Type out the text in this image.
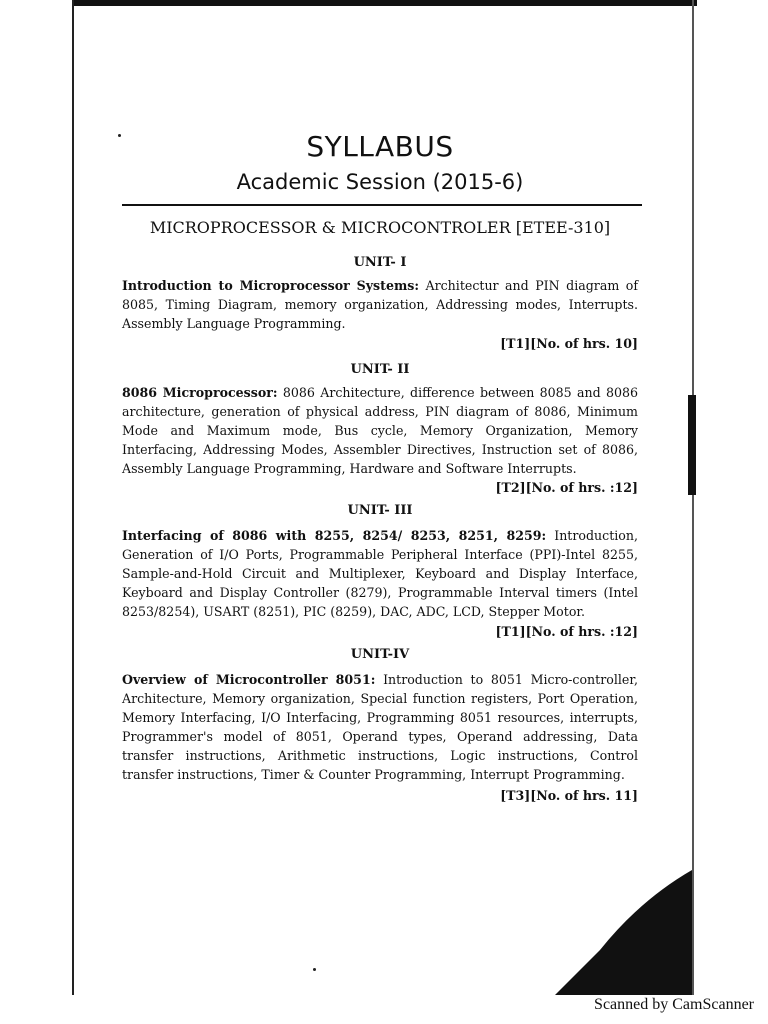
SYLLABUS
Academic Session (2015-6)
MICROPROCESSOR & MICROCONTROLER [ETEE-310]
UNIT- I
Introduction to Microprocessor Systems: Architectur and PIN diagram of 8085, Timing Diagram, memory organization, Addressing modes, Interrupts. Assembly Language Programming.
[T1][No. of hrs. 10]
UNIT- II
8086 Microprocessor: 8086 Architecture, difference between 8085 and 8086 architecture, generation of physical address, PIN diagram of 8086, Minimum Mode and Maximum mode, Bus cycle, Memory Organization, Memory Interfacing, Addressing Modes, Assembler Directives, Instruction set of 8086, Assembly Language Programming, Hardware and Software Interrupts.
[T2][No. of hrs. :12]
UNIT- III
Interfacing of 8086 with 8255, 8254/ 8253, 8251, 8259: Introduction, Generation of I/O Ports, Programmable Peripheral Interface (PPI)-Intel 8255, Sample-and-Hold Circuit and Multiplexer, Keyboard and Display Interface, Keyboard and Display Controller (8279), Programmable Interval timers (Intel 8253/8254), USART (8251), PIC (8259), DAC, ADC, LCD, Stepper Motor.
[T1][No. of hrs. :12]
UNIT-IV
Overview of Microcontroller 8051: Introduction to 8051 Micro-controller, Architecture, Memory organization, Special function registers, Port Operation, Memory Interfacing, I/O Interfacing, Programming 8051 resources, interrupts, Programmer's model of 8051, Operand types, Operand addressing, Data transfer instructions, Arithmetic instructions, Logic instructions, Control transfer instructions, Timer & Counter Programming, Interrupt Programming.
[T3][No. of hrs. 11]
Scanned by CamScanner
